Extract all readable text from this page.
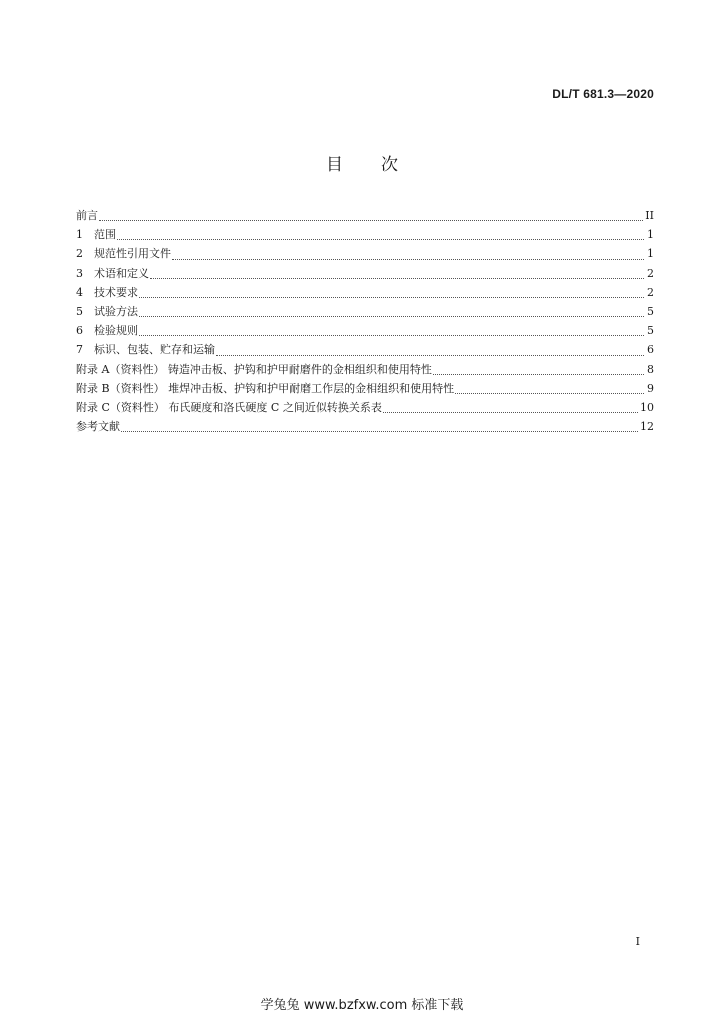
DL/T 681.3—2020
目 次
前言	II
1	范围	1
2	规范性引用文件	1
3	术语和定义	2
4	技术要求	2
5	试验方法	5
6	检验规则	5
7	标识、包装、贮存和运输	6
附录 A（资料性） 铸造冲击板、护钩和护甲耐磨件的金相组织和使用特性	8
附录 B（资料性） 堆焊冲击板、护钩和护甲耐磨工作层的金相组织和使用特性	9
附录 C（资料性） 布氏硬度和洛氏硬度 C 之间近似转换关系表	10
参考文献	12
I
学兔兔 www.bzfxw.com 标准下载
